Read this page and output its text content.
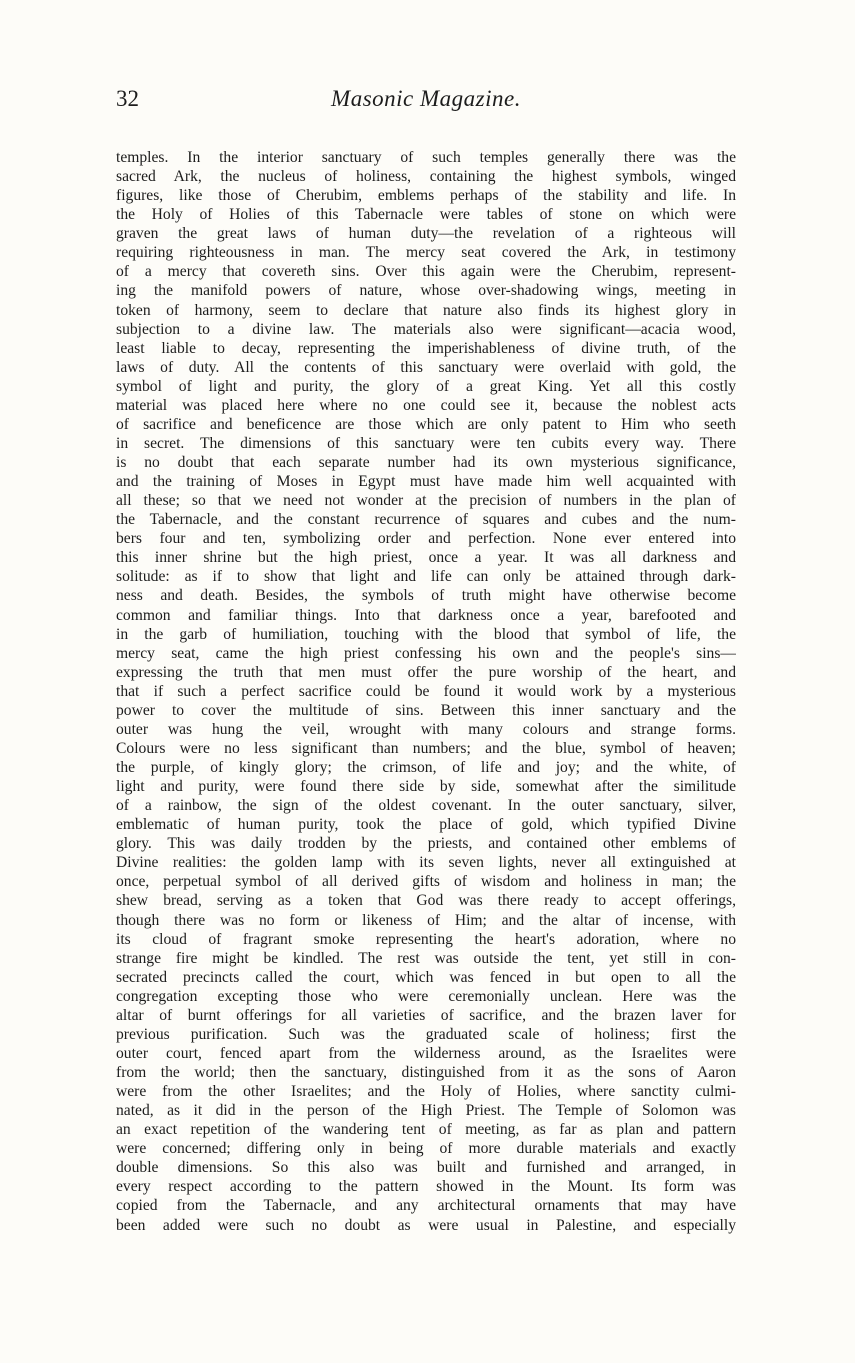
32	Masonic Magazine.
temples. In the interior sanctuary of such temples generally there was the
sacred Ark, the nucleus of holiness, containing the highest symbols, winged
figures, like those of Cherubim, emblems perhaps of the stability and life. In
the Holy of Holies of this Tabernacle were tables of stone on which were
graven the great laws of human duty—the revelation of a righteous will
requiring righteousness in man. The mercy seat covered the Ark, in testimony
of a mercy that covereth sins. Over this again were the Cherubim, represent-
ing the manifold powers of nature, whose over-shadowing wings, meeting in
token of harmony, seem to declare that nature also finds its highest glory in
subjection to a divine law. The materials also were significant—acacia wood,
least liable to decay, representing the imperishableness of divine truth, of the
laws of duty. All the contents of this sanctuary were overlaid with gold, the
symbol of light and purity, the glory of a great King. Yet all this costly
material was placed here where no one could see it, because the noblest acts
of sacrifice and beneficence are those which are only patent to Him who seeth
in secret. The dimensions of this sanctuary were ten cubits every way. There
is no doubt that each separate number had its own mysterious significance,
and the training of Moses in Egypt must have made him well acquainted with
all these; so that we need not wonder at the precision of numbers in the plan of
the Tabernacle, and the constant recurrence of squares and cubes and the num-
bers four and ten, symbolizing order and perfection. None ever entered into
this inner shrine but the high priest, once a year. It was all darkness and
solitude: as if to show that light and life can only be attained through dark-
ness and death. Besides, the symbols of truth might have otherwise become
common and familiar things. Into that darkness once a year, barefooted and
in the garb of humiliation, touching with the blood that symbol of life, the
mercy seat, came the high priest confessing his own and the people's sins—
expressing the truth that men must offer the pure worship of the heart, and
that if such a perfect sacrifice could be found it would work by a mysterious
power to cover the multitude of sins. Between this inner sanctuary and the
outer was hung the veil, wrought with many colours and strange forms.
Colours were no less significant than numbers; and the blue, symbol of heaven;
the purple, of kingly glory; the crimson, of life and joy; and the white, of
light and purity, were found there side by side, somewhat after the similitude
of a rainbow, the sign of the oldest covenant. In the outer sanctuary, silver,
emblematic of human purity, took the place of gold, which typified Divine
glory. This was daily trodden by the priests, and contained other emblems of
Divine realities: the golden lamp with its seven lights, never all extinguished at
once, perpetual symbol of all derived gifts of wisdom and holiness in man; the
shew bread, serving as a token that God was there ready to accept offerings,
though there was no form or likeness of Him; and the altar of incense, with
its cloud of fragrant smoke representing the heart's adoration, where no
strange fire might be kindled. The rest was outside the tent, yet still in con-
secrated precincts called the court, which was fenced in but open to all the
congregation excepting those who were ceremonially unclean. Here was the
altar of burnt offerings for all varieties of sacrifice, and the brazen laver for
previous purification. Such was the graduated scale of holiness; first the
outer court, fenced apart from the wilderness around, as the Israelites were
from the world; then the sanctuary, distinguished from it as the sons of Aaron
were from the other Israelites; and the Holy of Holies, where sanctity culmi-
nated, as it did in the person of the High Priest. The Temple of Solomon was
an exact repetition of the wandering tent of meeting, as far as plan and pattern
were concerned; differing only in being of more durable materials and exactly
double dimensions. So this also was built and furnished and arranged, in
every respect according to the pattern showed in the Mount. Its form was
copied from the Tabernacle, and any architectural ornaments that may have
been added were such no doubt as were usual in Palestine, and especially
